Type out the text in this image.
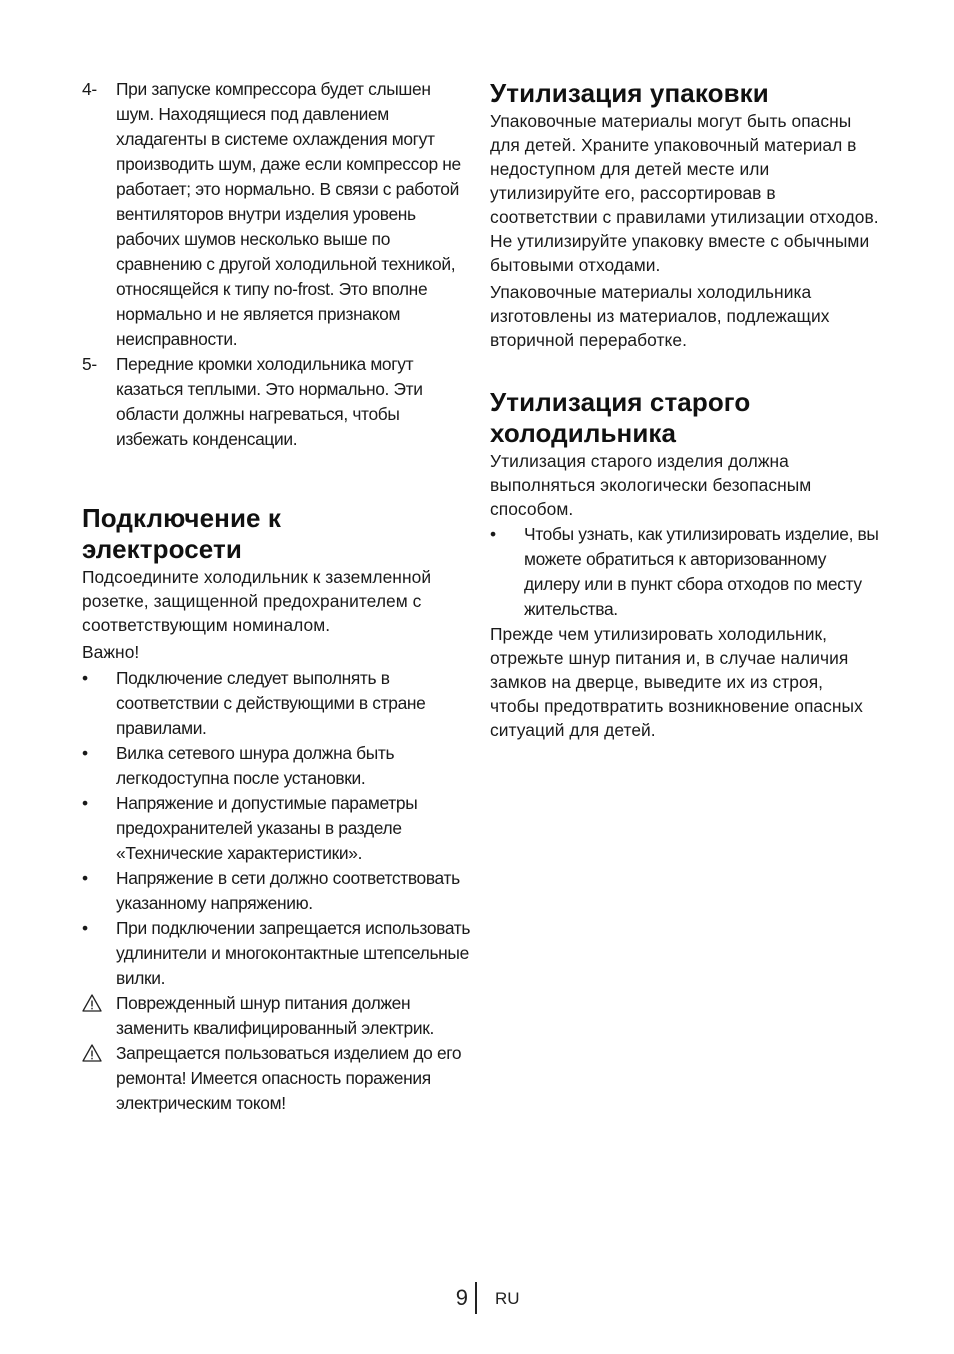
4- При запуске компрессора будет слышен шум. Находящиеся под давлением хладагенты в системе охлаждения могут производить шум, даже если компрессор не работает; это нормально. В связи с работой вентиляторов внутри изделия уровень рабочих шумов несколько выше по сравнению с другой холодильной техникой, относящейся к типу no-frost. Это вполне нормально и не является признаком неисправности.

5- Передние кромки холодильника могут казаться теплыми. Это нормально. Эти области должны нагреваться, чтобы избежать конденсации.

Подключение к электросети

Подсоедините холодильник к заземленной розетке, защищенной предохранителем с соответствующим номиналом.

Важно!

• Подключение следует выполнять в соответствии с действующими в стране правилами.

• Вилка сетевого шнура должна быть легкодоступна после установки.

• Напряжение и допустимые параметры предохранителей указаны в разделе «Технические характеристики».

• Напряжение в сети должно соответствовать указанному напряжению.

• При подключении запрещается использовать удлинители и многоконтактные штепсельные вилки.

Поврежденный шнур питания должен заменить квалифицированный электрик.

Запрещается пользоваться изделием до его ремонта! Имеется опасность поражения электрическим током!

Утилизация упаковки

Упаковочные материалы могут быть опасны для детей. Храните упаковочный материал в недоступном для детей месте или утилизируйте его, рассортировав в соответствии с правилами утилизации отходов. Не утилизируйте упаковку вместе с обычными бытовыми отходами.

Упаковочные материалы холодильника изготовлены из материалов, подлежащих вторичной переработке.

Утилизация старого холодильника

Утилизация старого изделия должна выполняться экологически безопасным способом.

• Чтобы узнать, как утилизировать изделие, вы можете обратиться к авторизованному дилеру или в пункт сбора отходов по месту жительства.

Прежде чем утилизировать холодильник, отрежьте шнур питания и, в случае наличия замков на дверце, выведите их из строя, чтобы предотвратить возникновение опасных ситуаций для детей.

9 RU
